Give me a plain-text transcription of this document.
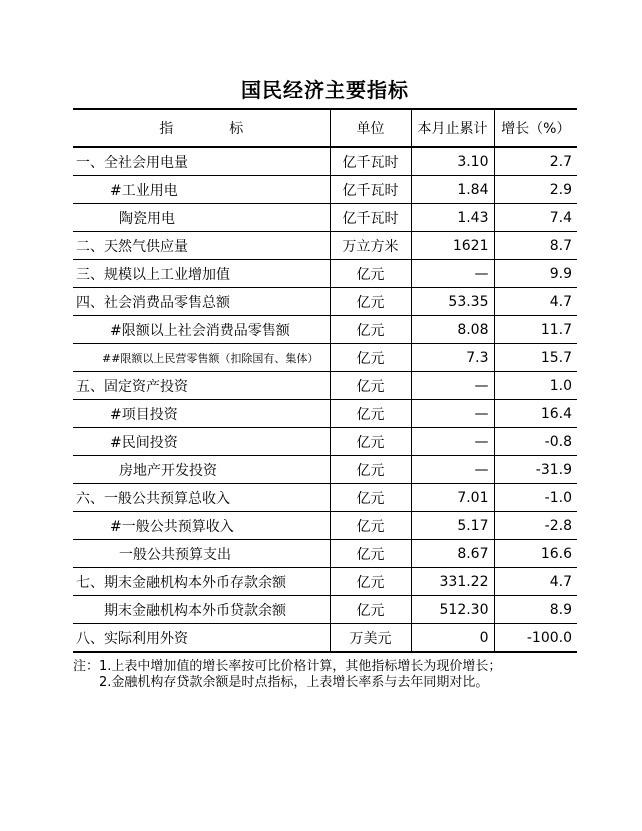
国民经济主要指标
指　　　　标	单位	本月止累计	增长（%）
一、全社会用电量	亿千瓦时	3.10	2.7
#工业用电	亿千瓦时	1.84	2.9
陶瓷用电	亿千瓦时	1.43	7.4
二、天然气供应量	万立方米	1621	8.7
三、规模以上工业增加值	亿元	—	9.9
四、社会消费品零售总额	亿元	53.35	4.7
#限额以上社会消费品零售额	亿元	8.08	11.7
##限额以上民营零售额（扣除国有、集体）	亿元	7.3	15.7
五、固定资产投资	亿元	—	1.0
#项目投资	亿元	—	16.4
#民间投资	亿元	—	-0.8
房地产开发投资	亿元	—	-31.9
六、一般公共预算总收入	亿元	7.01	-1.0
#一般公共预算收入	亿元	5.17	-2.8
一般公共预算支出	亿元	8.67	16.6
七、期末金融机构本外币存款余额	亿元	331.22	4.7
期末金融机构本外币贷款余额	亿元	512.30	8.9
八、实际利用外资	万美元	0	-100.0
注： 1.上表中增加值的增长率按可比价格计算，其他指标增长为现价增长；
2.金融机构存贷款余额是时点指标，上表增长率系与去年同期对比。
